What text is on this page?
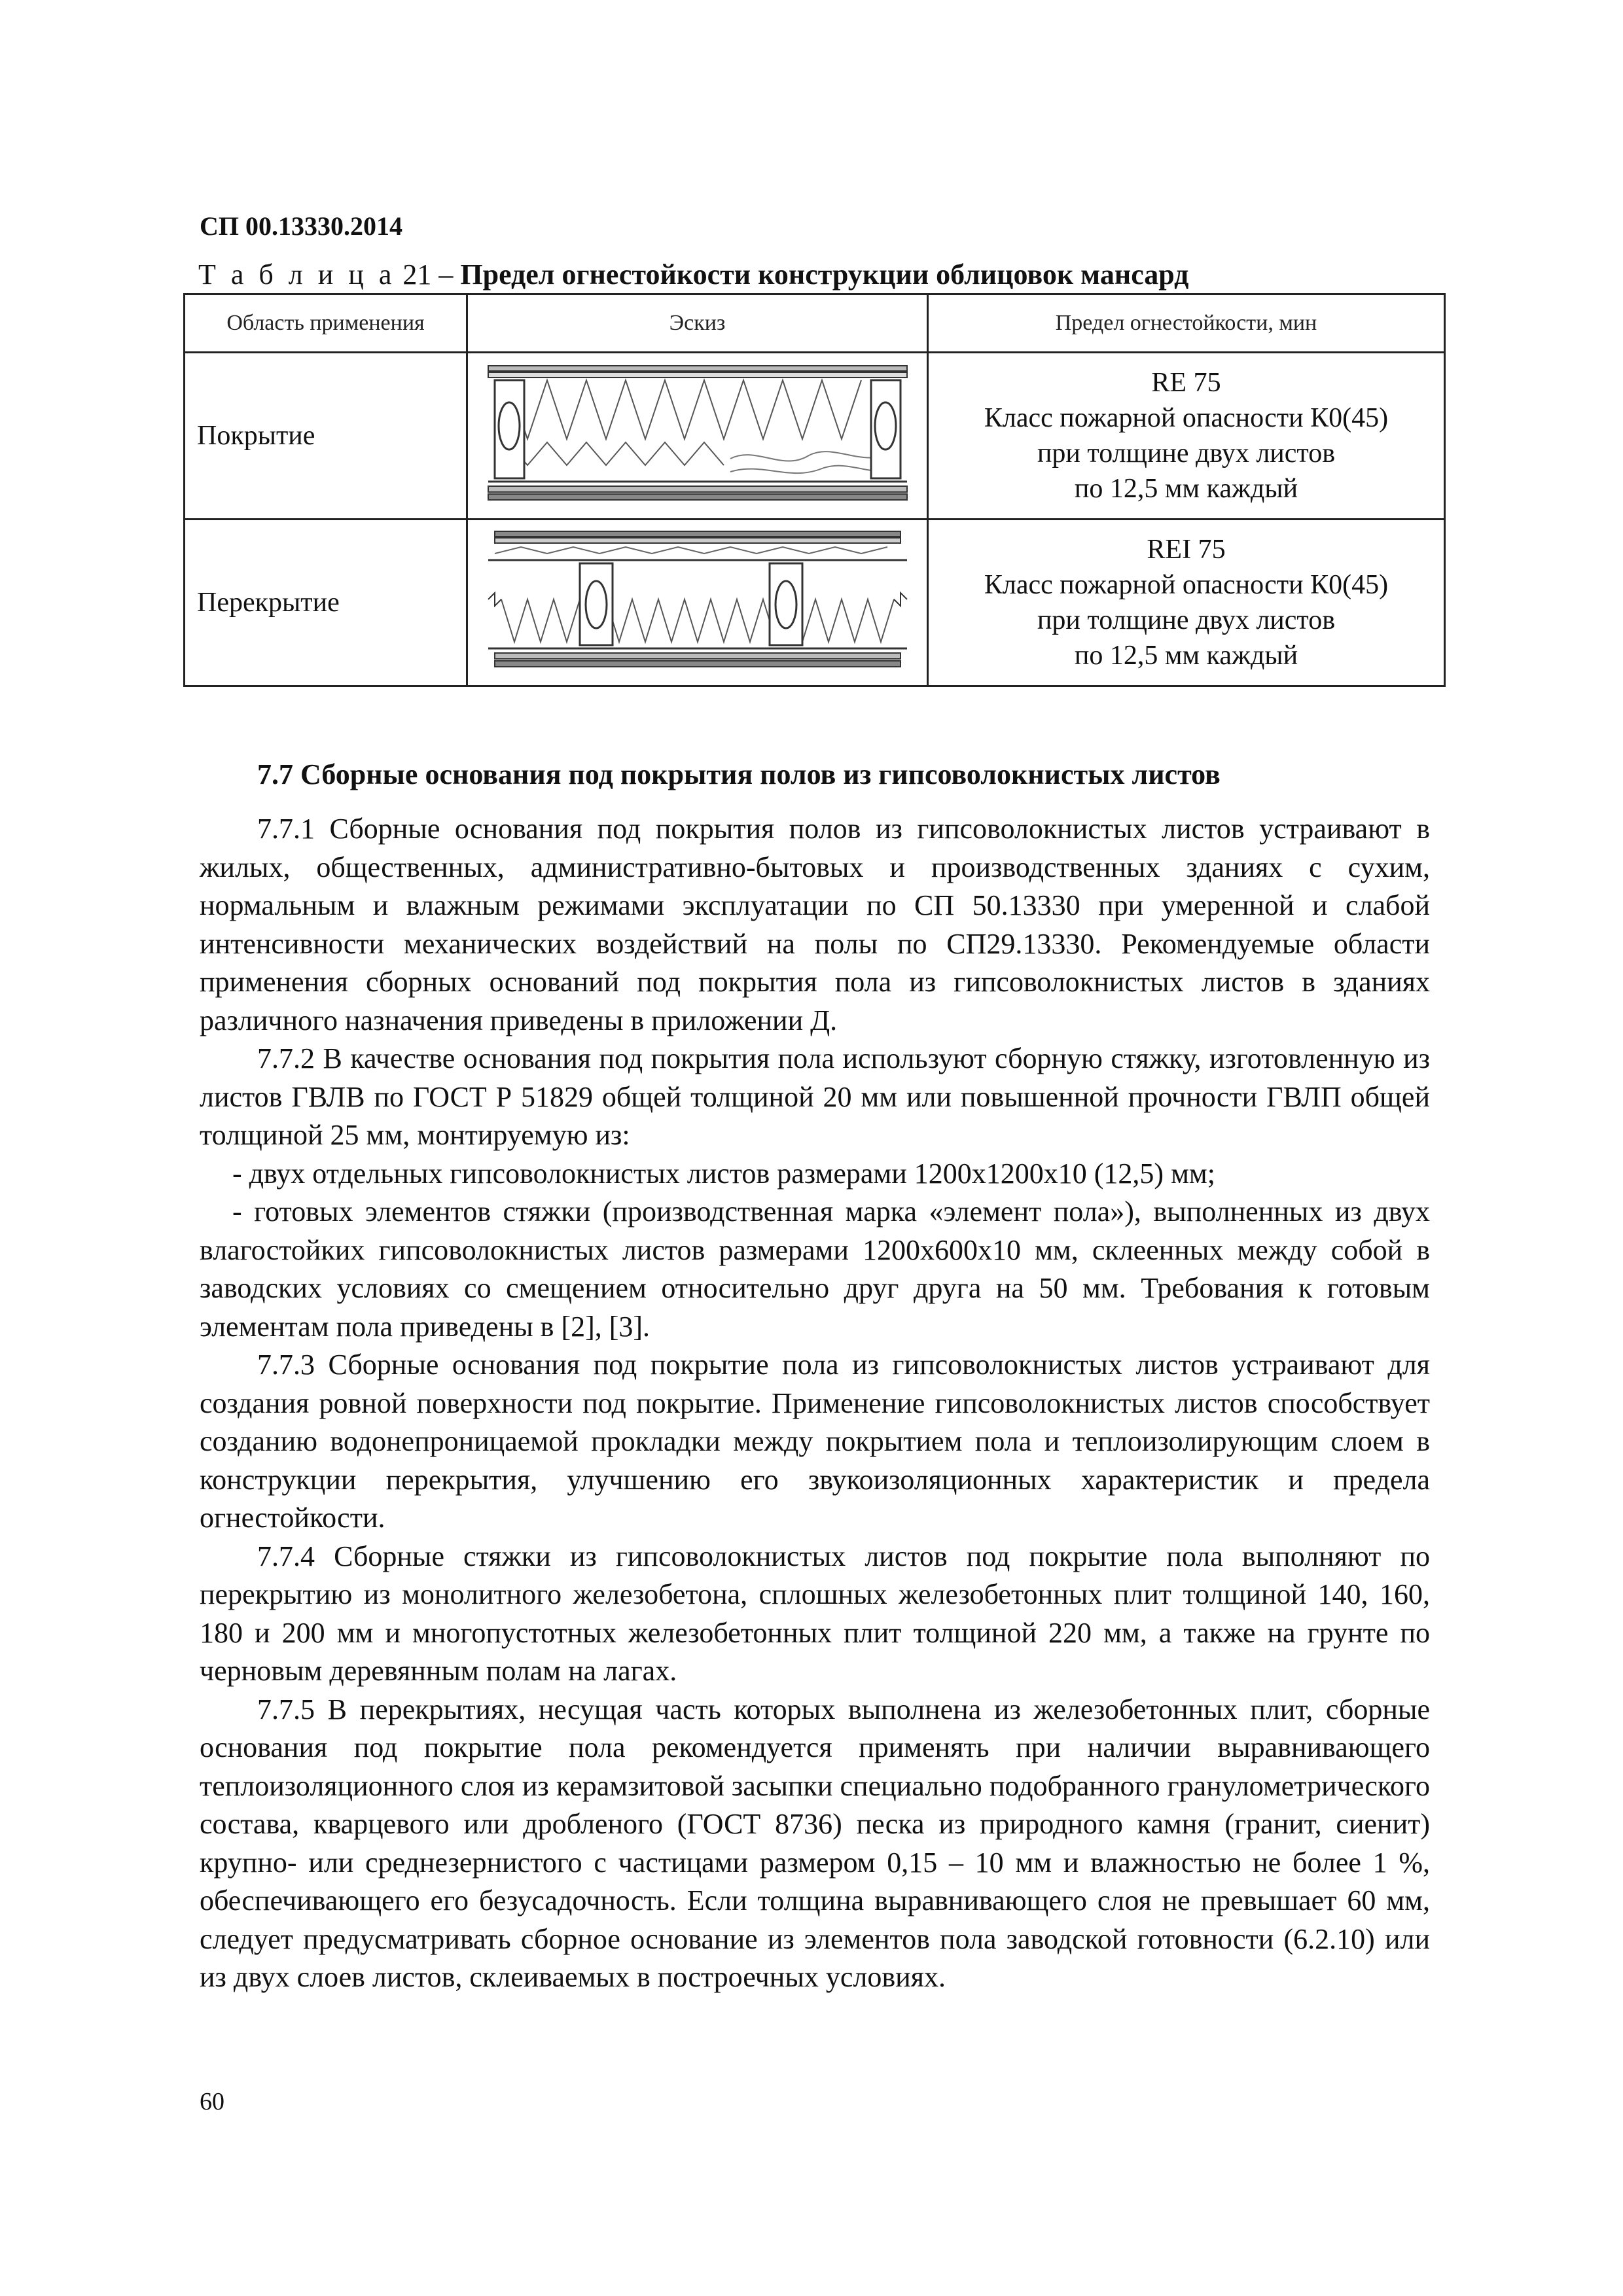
СП 00.13330.2014
Т а б л и ц а 21 – Предел огнестойкости конструкции облицовок мансард
Область применения	Эскиз	Предел огнестойкости, мин
Покрытие		RE 75
Класс пожарной опасности К0(45)
при толщине двух листов
по 12,5 мм каждый

Перекрытие		REI 75
Класс пожарной опасности К0(45)
при толщине двух листов
по 12,5 мм каждый
7.7 Сборные основания под покрытия полов из гипсоволокнистых листов

7.7.1 Сборные основания под покрытия полов из гипсоволокнистых листов устраивают в жилых, общественных, административно-бытовых и производственных зданиях с сухим, нормальным и влажным режимами эксплуатации по СП 50.13330 при умеренной и слабой интенсивности механических воздействий на полы по СП29.13330. Рекомендуемые области применения сборных оснований под покрытия пола из гипсоволокнистых листов в зданиях различного назначения приведены в приложении Д.

7.7.2 В качестве основания под покрытия пола используют сборную стяжку, изготовленную из листов ГВЛВ по ГОСТ Р 51829 общей толщиной 20 мм или повышенной прочности ГВЛП общей толщиной 25 мм, монтируемую из:

- двух отдельных гипсоволокнистых листов размерами 1200х1200х10 (12,5) мм;

- готовых элементов стяжки (производственная марка «элемент пола»), выполненных из двух влагостойких гипсоволокнистых листов размерами 1200х600х10 мм, склеенных между собой в заводских условиях со смещением относительно друг друга на 50 мм. Требования к готовым элементам пола приведены в [2], [3].

7.7.3 Сборные основания под покрытие пола из гипсоволокнистых листов устраивают для создания ровной поверхности под покрытие. Применение гипсоволокнистых листов способствует созданию водонепроницаемой прокладки между покрытием пола и теплоизолирующим слоем в конструкции перекрытия, улучшению его звукоизоляционных характеристик и предела огнестойкости.

7.7.4 Сборные стяжки из гипсоволокнистых листов под покрытие пола выполняют по перекрытию из монолитного железобетона, сплошных железобетонных плит толщиной 140, 160, 180 и 200 мм и многопустотных железобетонных плит толщиной 220 мм, а также на грунте по черновым деревянным полам на лагах.

7.7.5 В перекрытиях, несущая часть которых выполнена из железобетонных плит, сборные основания под покрытие пола рекомендуется применять при наличии выравнивающего теплоизоляционного слоя из керамзитовой засыпки специально подобранного гранулометрического состава, кварцевого или дробленого (ГОСТ 8736) песка из природного камня (гранит, сиенит) крупно- или среднезернистого с частицами размером 0,15 – 10 мм и влажностью не более 1 %, обеспечивающего его безусадочность. Если толщина выравнивающего слоя не превышает 60 мм, следует предусматривать сборное основание из элементов пола заводской готовности (6.2.10) или из двух слоев листов, склеиваемых в построечных условиях.

60
